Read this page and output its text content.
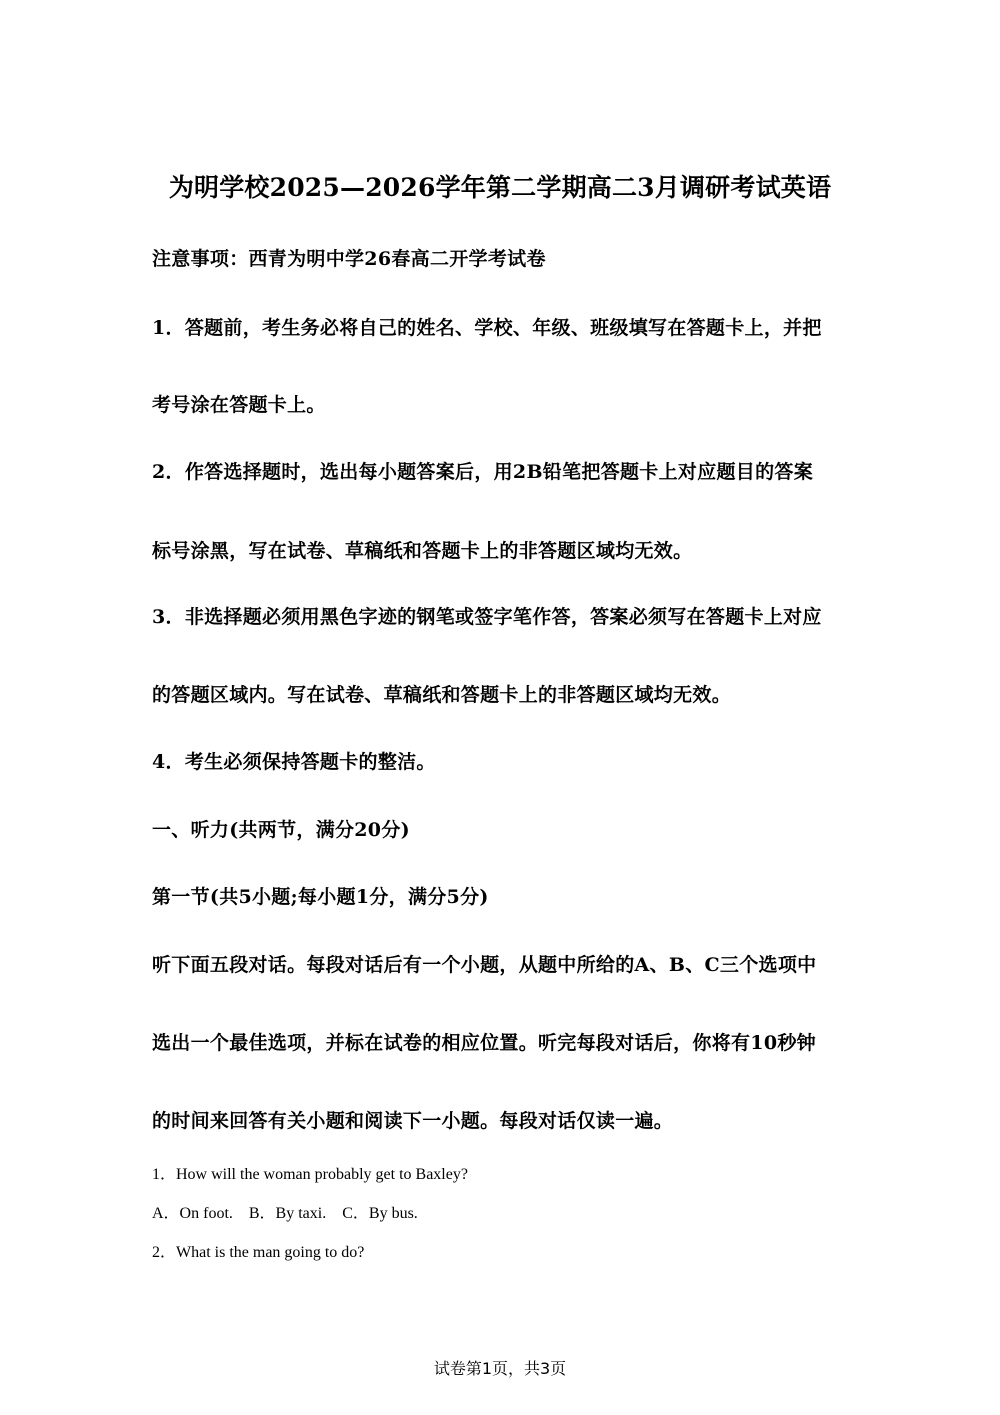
为明学校2025—2026学年第二学期高二3月调研考试英语
注意事项：西青为明中学26春高二开学考试卷
1．答题前，考生务必将自己的姓名、学校、年级、班级填写在答题卡上，并把
考号涂在答题卡上。
2．作答选择题时，选出每小题答案后，用2B铅笔把答题卡上对应题目的答案
标号涂黑，写在试卷、草稿纸和答题卡上的非答题区域均无效。
3．非选择题必须用黑色字迹的钢笔或签字笔作答，答案必须写在答题卡上对应
的答题区域内。写在试卷、草稿纸和答题卡上的非答题区域均无效。
4．考生必须保持答题卡的整洁。
一、听力(共两节，满分20分)
第一节(共5小题;每小题1分，满分5分)
听下面五段对话。每段对话后有一个小题，从题中所给的A、B、C三个选项中
选出一个最佳选项，并标在试卷的相应位置。听完每段对话后，你将有10秒钟
的时间来回答有关小题和阅读下一小题。每段对话仅读一遍。
1．How will the woman probably get to Baxley?
A．On foot.　B．By taxi.　C．By bus.
2．What is the man going to do?
试卷第1页，共3页
